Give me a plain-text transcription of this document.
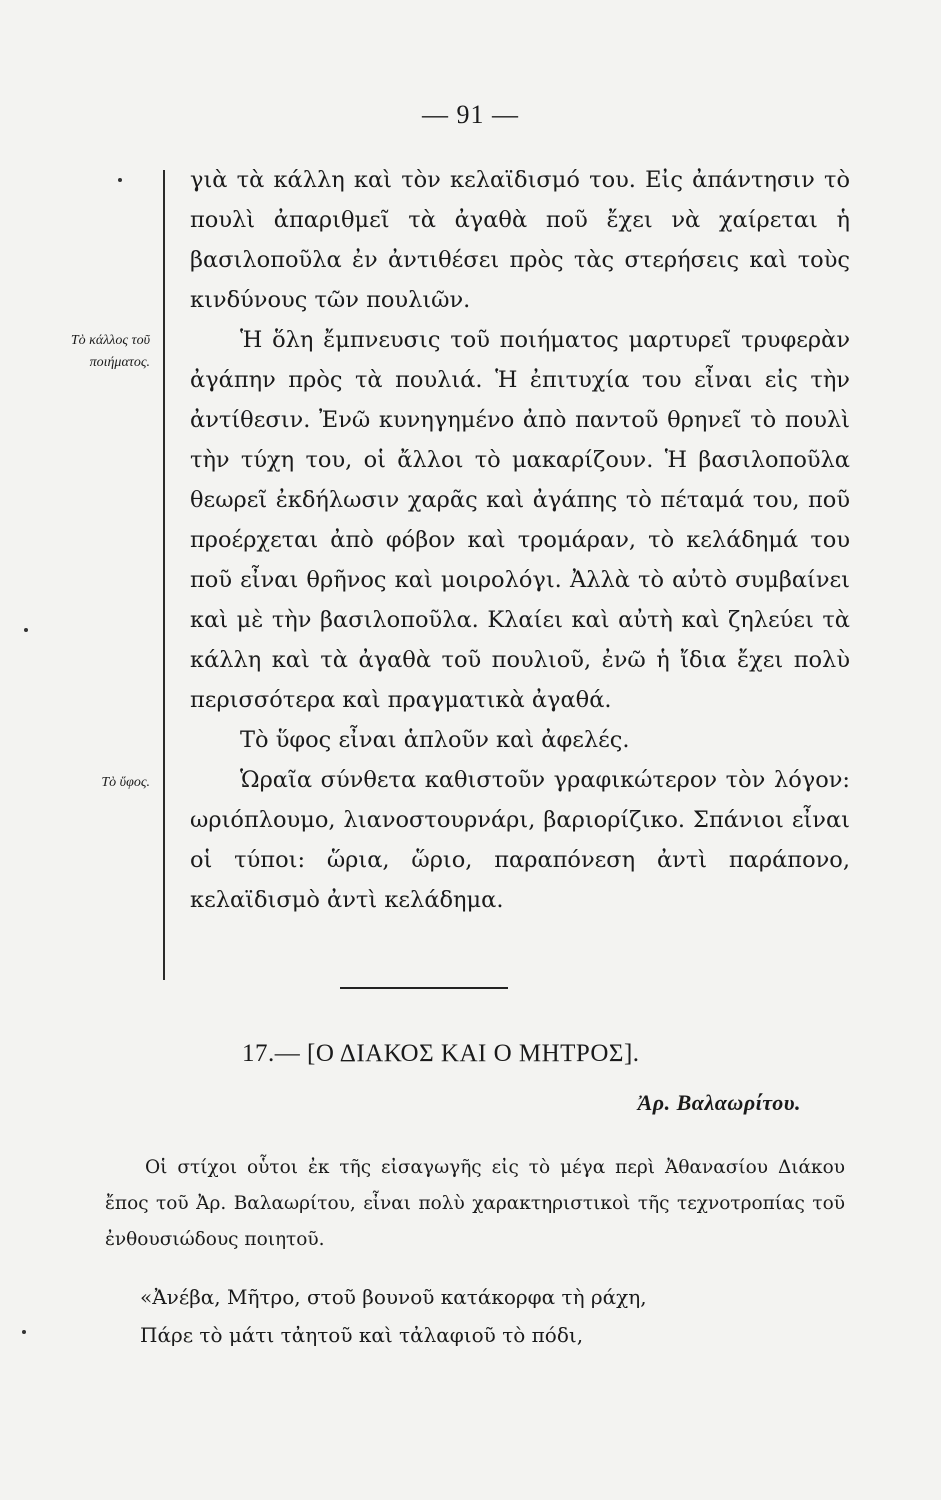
— 91 —
Τὸ κάλλος τοῦ ποιήματος.
Τὸ ὕφος.

γιὰ τὰ κάλλη καὶ τὸν κελαϊδισμό του. Εἰς ἀπάντησιν τὸ πουλὶ ἀπαριθμεῖ τὰ ἀγαθὰ ποῦ ἔχει νὰ χαίρεται ἡ βασιλοποῦλα ἐν ἀντιθέσει πρὸς τὰς στερήσεις καὶ τοὺς κινδύνους τῶν πουλιῶν.

Ἡ ὅλη ἔμπνευσις τοῦ ποιήματος μαρτυρεῖ τρυφερὰν ἀγάπην πρὸς τὰ πουλιά. Ἡ ἐπιτυχία του εἶναι εἰς τὴν ἀντίθεσιν. Ἐνῶ κυνηγημένο ἀπὸ παντοῦ θρηνεῖ τὸ πουλὶ τὴν τύχη του, οἱ ἄλλοι τὸ μακαρίζουν. Ἡ βασιλοποῦλα θεωρεῖ ἐκδήλωσιν χαρᾶς καὶ ἀγάπης τὸ πέταμά του, ποῦ προέρχεται ἀπὸ φόβον καὶ τρομάραν, τὸ κελάδημά του ποῦ εἶναι θρῆνος καὶ μοιρολόγι. Ἀλλὰ τὸ αὐτὸ συμβαίνει καὶ μὲ τὴν βασιλοποῦλα. Κλαίει καὶ αὐτὴ καὶ ζηλεύει τὰ κάλλη καὶ τὰ ἀγαθὰ τοῦ πουλιοῦ, ἐνῶ ἡ ἴδια ἔχει πολὺ περισσότερα καὶ πραγματικὰ ἀγαθά.

Τὸ ὕφος εἶναι ἁπλοῦν καὶ ἀφελές.

Ὡραῖα σύνθετα καθιστοῦν γραφικώτερον τὸν λόγον: ωριόπλουμο, λιανοστουρνάρι, βαριορίζικο. Σπάνιοι εἶναι οἱ τύποι: ὥρια, ὥριο, παραπόνεση ἀντὶ παράπονο, κελαϊδισμὸ ἀντὶ κελάδημα.

17.— [Ο ΔΙΑΚΟΣ ΚΑΙ Ο ΜΗΤΡΟΣ].
Ἀρ. Βαλαωρίτου.

Οἱ στίχοι οὗτοι ἐκ τῆς εἰσαγωγῆς εἰς τὸ μέγα περὶ Ἀθανασίου Διάκου ἔπος τοῦ Ἀρ. Βαλαωρίτου, εἶναι πολὺ χαρακτηριστικοὶ τῆς τεχνοτροπίας τοῦ ἐνθουσιώδους ποιητοῦ.

«Ἀνέβα, Μῆτρο, στοῦ βουνοῦ κατάκορφα τὴ ράχη,
Πάρε τὸ μάτι τἀητοῦ καὶ τἀλαφιοῦ τὸ πόδι,
